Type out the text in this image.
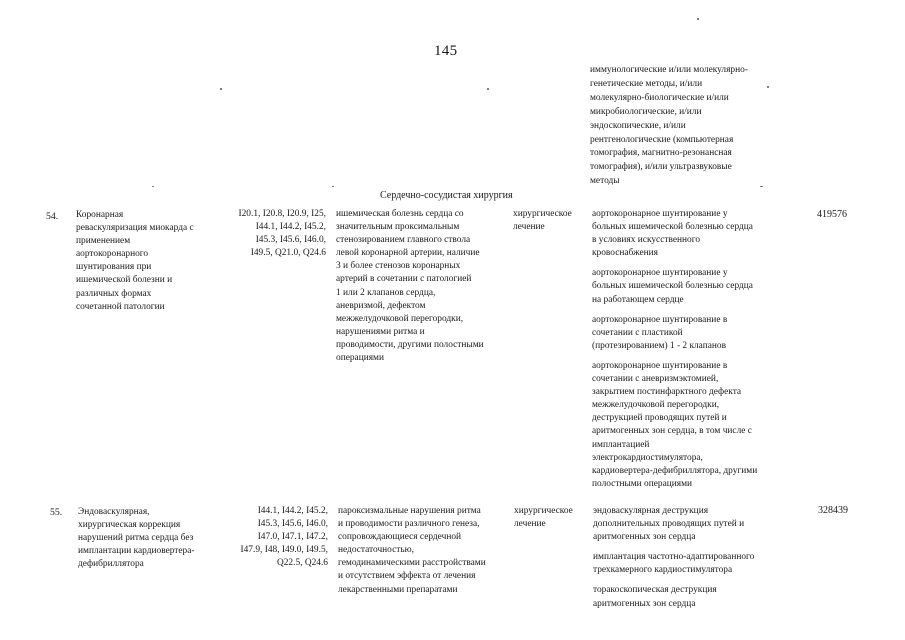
145
иммунологические и/или молекулярно-
генетические методы, и/или
молекулярно-биологические и/или
микробиологические, и/или
эндоскопические, и/или
рентгенологические (компьютерная
томография, магнитно-резонансная
томография), и/или ультразвуковые
методы
Сердечно-сосудистая хирургия
54. Коронарная
реваскуляризация миокарда с
применением
аортокоронарного
шунтирования при
ишемической болезни и
различных формах
сочетанной патологии
I20.1, I20.8, I20.9, I25,
I44.1, I44.2, I45.2,
I45.3, I45.6, I46.0,
I49.5, Q21.0, Q24.6
ишемическая болезнь сердца со
значительным проксимальным
стенозированием главного ствола
левой коронарной артерии, наличие
3 и более стенозов коронарных
артерий в сочетании с патологией
1 или 2 клапанов сердца,
аневризмой, дефектом
межжелудочковой перегородки,
нарушениями ритма и
проводимости, другими полостными
операциями
хирургическое
лечение
аортокоронарное шунтирование у
больных ишемической болезнью сердца
в условиях искусственного
кровоснабжения
аортокоронарное шунтирование у
больных ишемической болезнью сердца
на работающем сердце
аортокоронарное шунтирование в
сочетании с пластикой
(протезированием) 1 - 2 клапанов
аортокоронарное шунтирование в
сочетании с аневризмэктомией,
закрытием постинфарктного дефекта
межжелудочковой перегородки,
деструкцией проводящих путей и
аритмогенных зон сердца, в том числе с
имплантацией
электрокардиостимулятора,
кардиовертера-дефибриллятора, другими
полостными операциями
419576
55. Эндоваскулярная,
хирургическая коррекция
нарушений ритма сердца без
имплантации кардиовертера-
дефибриллятора
I44.1, I44.2, I45.2,
I45.3, I45.6, I46.0,
I47.0, I47.1, I47.2,
I47.9, I48, I49.0, I49.5,
Q22.5, Q24.6
пароксизмальные нарушения ритма
и проводимости различного генеза,
сопровождающиеся сердечной
недостаточностью,
гемодинамическими расстройствами
и отсутствием эффекта от лечения
лекарственными препаратами
хирургическое
лечение
эндоваскулярная деструкция
дополнительных проводящих путей и
аритмогенных зон сердца
имплантация частотно-адаптированного
трехкамерного кардиостимулятора
торакоскопическая деструкция
аритмогенных зон сердца
328439
